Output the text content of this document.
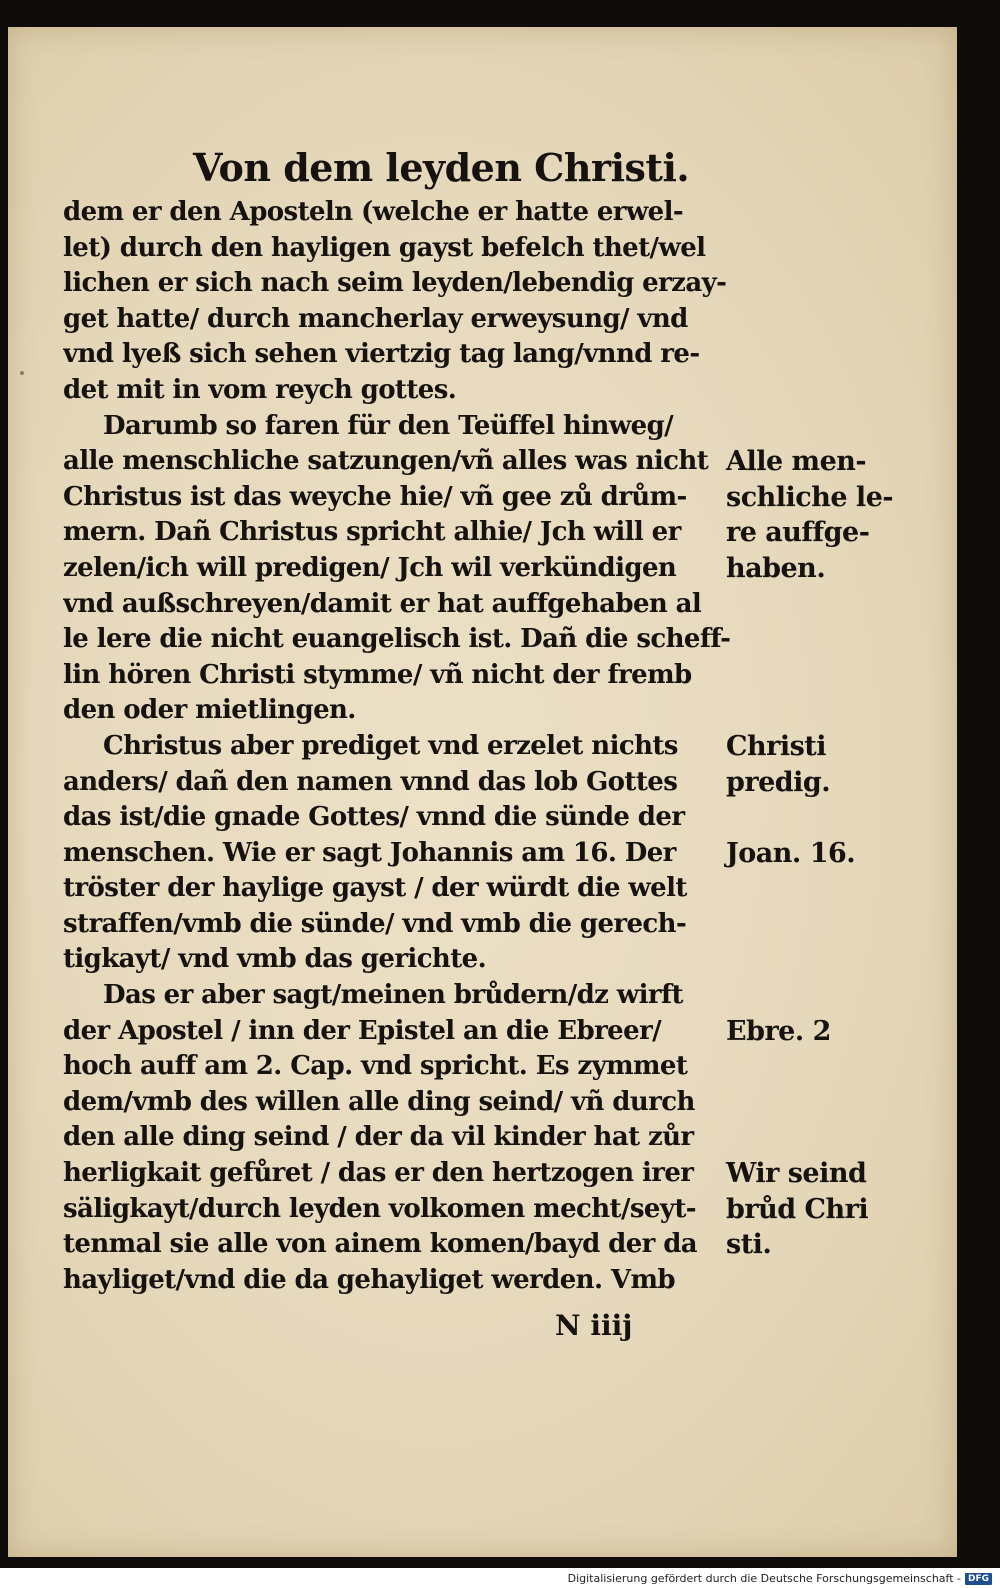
Von dem leyden Christi.
dem er den Aposteln (welche er hatte erwel-
let) durch den hayligen gayst befelch thet/wel
lichen er sich nach seim leyden/lebendig erzay-
get hatte/ durch mancherlay erweysung/ vnd
vnd lyeß sich sehen viertzig tag lang/vnnd re-
det mit in vom reych gottes.
Darumb so faren für den Teüffel hinweg/
alle menschliche satzungen/vñ alles was nicht
Christus ist das weyche hie/ vñ gee zů drům-
mern. Dañ Christus spricht alhie/ Jch will er
zelen/ich will predigen/ Jch wil verkündigen
vnd außschreyen/damit er hat auffgehaben al
le lere die nicht euangelisch ist. Dañ die scheff-
lin hören Christi stymme/ vñ nicht der fremb
den oder mietlingen.
Christus aber prediget vnd erzelet nichts
anders/ dañ den namen vnnd das lob Gottes
das ist/die gnade Gottes/ vnnd die sünde der
menschen. Wie er sagt Johannis am 16. Der
tröster der haylige gayst / der würdt die welt
straffen/vmb die sünde/ vnd vmb die gerech-
tigkayt/ vnd vmb das gerichte.
Das er aber sagt/meinen brůdern/dz wirft
der Apostel / inn der Epistel an die Ebreer/
hoch auff am 2. Cap. vnd spricht. Es zymmet
dem/vmb des willen alle ding seind/ vñ durch
den alle ding seind / der da vil kinder hat zůr
herligkait gefůret / das er den hertzogen irer
säligkayt/durch leyden volkomen mecht/seyt-
tenmal sie alle von ainem komen/bayd der da
hayliget/vnd die da gehayliget werden. Vmb
Alle men-
schliche le-
re auffge-
haben.
Christi
predig.
Joan. 16.
Ebre. 2
Wir seind
brůd Chri
sti.
N iiij
Digitalisierung gefördert durch die Deutsche Forschungsgemeinschaft - DFG
